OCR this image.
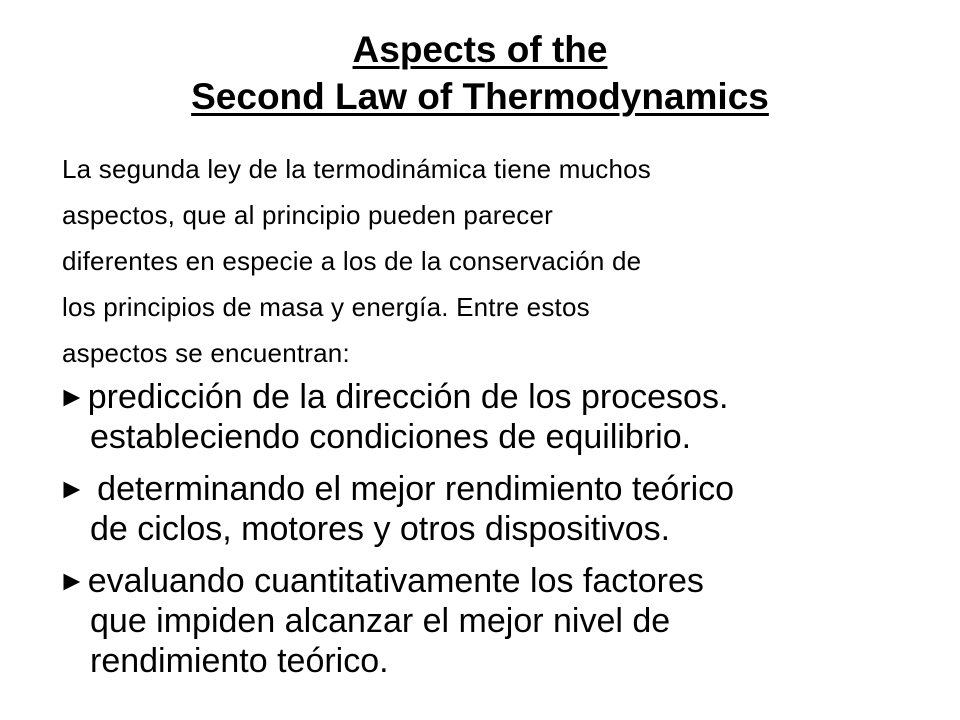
Aspects of the
Second Law of Thermodynamics
La segunda ley de la termodinámica tiene muchos
aspectos, que al principio pueden parecer
diferentes en especie a los de la conservación de
los principios de masa y energía. Entre estos
aspectos se encuentran:
►predicción de la dirección de los procesos.
estableciendo condiciones de equilibrio.
► determinando el mejor rendimiento teórico
de ciclos, motores y otros dispositivos.
►evaluando cuantitativamente los factores
que impiden alcanzar el mejor nivel de
rendimiento teórico.
